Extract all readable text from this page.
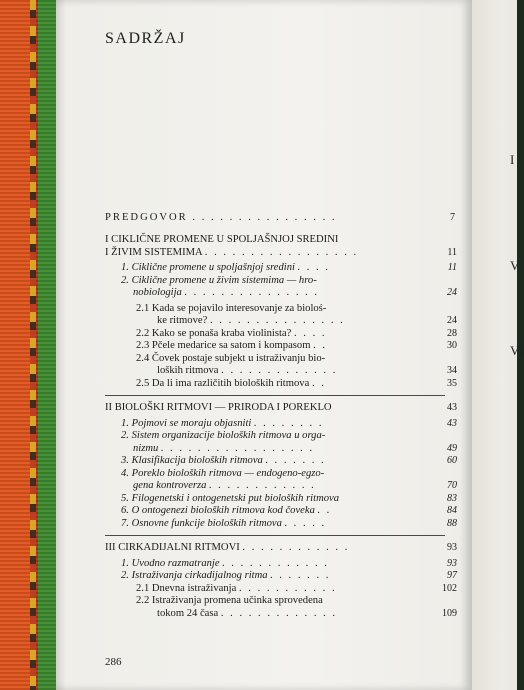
I
V
VI
SADRŽAJ
PREDGOVOR . . . . . . . . . . . . . . . .	7
I CIKLIČNE PROMENE U SPOLJAŠNJOJ SREDINI
I ŽIVIM SISTEMIMA . . . . . . . . . . . . . . . . .	11
1. Ciklične promene u spoljašnjoj sredini . . . .	11
2. Ciklične promene u živim sistemima — hro-
nobiologija . . . . . . . . . . . . . . .	24
2.1 Kada se pojavilo interesovanje za bioloś-
ke ritmove? . . . . . . . . . . . . . . .	24
2.2 Kako se ponaša kraba violinista? . . . .	28
2.3 Pčele medarice sa satom i kompasom . .	30
2.4 Čovek postaje subjekt u istraživanju bio-
loških ritmova . . . . . . . . . . . . .	34
2.5 Da li ima različitih bioloških ritmova . .	35
II BIOLOŠKI RITMOVI — PRIRODA I POREKLO	43
1. Pojmovi se moraju objasniti . . . . . . . .	43
2. Sistem organizacije bioloških ritmova u orga-
nizmu . . . . . . . . . . . . . . . . .	49
3. Klasifikacija bioloških ritmova . . . . . . .	60
4. Poreklo bioloških ritmova — endogeno-egzo-
gena kontroverza . . . . . . . . . . . .	70
5. Filogenetski i ontogenetski put bioloških ritmova	83
6. O ontogenezi bioloških ritmova kod čoveka . .	84
7. Osnovne funkcije bioloških ritmova . . . . .	88
III CIRKADIJALNI RITMOVI . . . . . . . . . . . .	93
1. Uvodno razmatranje . . . . . . . . . . . .	93
2. Istraživanja cirkadijalnog ritma . . . . . . .	97
2.1 Dnevna istraživanja . . . . . . . . . . .	102
2.2 Istraživanja promena učinka sprovedena
tokom 24 časa . . . . . . . . . . . . .	109
286
